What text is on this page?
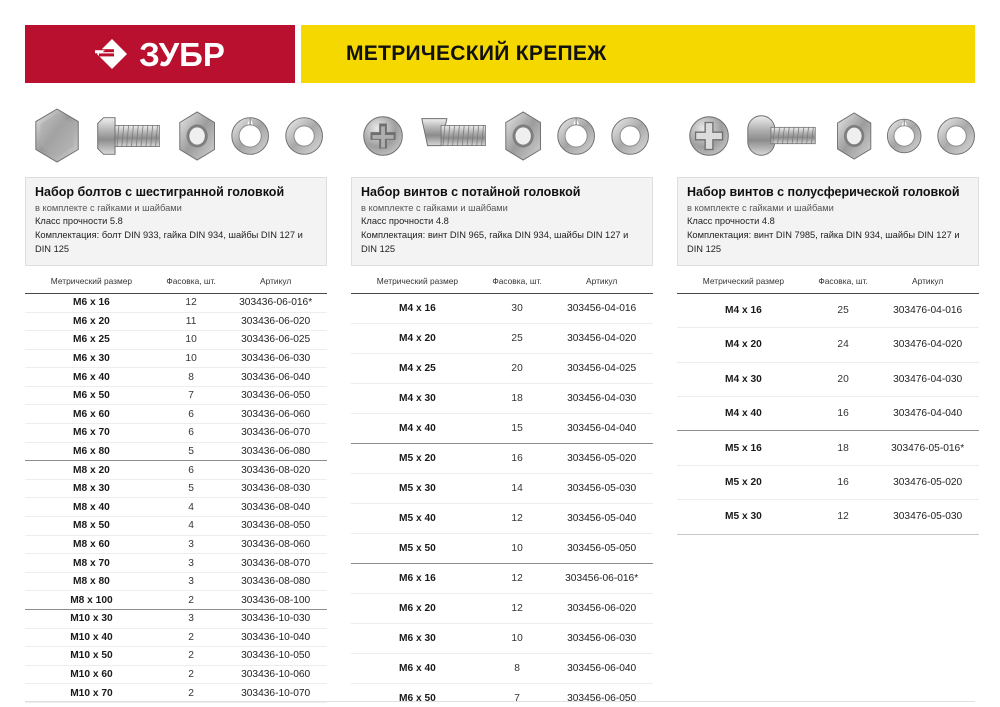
ЗУБР	МЕТРИЧЕСКИЙ КРЕПЕЖ
Набор болтов с шестигранной головкой
в комплекте с гайками и шайбами
Класс прочности 5.8
Комплектация: болт DIN 933, гайка DIN 934, шайбы DIN 127 и DIN 125
Метрический размер	Фасовка, шт.	Артикул
M6 x 16	12	303436-06-016*
M6 x 20	11	303436-06-020
M6 x 25	10	303436-06-025
M6 x 30	10	303436-06-030
M6 x 40	8	303436-06-040
M6 x 50	7	303436-06-050
M6 x 60	6	303436-06-060
M6 x 70	6	303436-06-070
M6 x 80	5	303436-06-080
M8 x 20	6	303436-08-020
M8 x 30	5	303436-08-030
M8 x 40	4	303436-08-040
M8 x 50	4	303436-08-050
M8 x 60	3	303436-08-060
M8 x 70	3	303436-08-070
M8 x 80	3	303436-08-080
M8 x 100	2	303436-08-100
M10 x 30	3	303436-10-030
M10 x 40	2	303436-10-040
M10 x 50	2	303436-10-050
M10 x 60	2	303436-10-060
M10 x 70	2	303436-10-070

Набор винтов с потайной головкой
в комплекте с гайками и шайбами
Класс прочности 4.8
Комплектация: винт DIN 965, гайка DIN 934, шайбы DIN 127 и DIN 125
Метрический размер	Фасовка, шт.	Артикул
M4 x 16	30	303456-04-016
M4 x 20	25	303456-04-020
M4 x 25	20	303456-04-025
M4 x 30	18	303456-04-030
M4 x 40	15	303456-04-040
M5 x 20	16	303456-05-020
M5 x 30	14	303456-05-030
M5 x 40	12	303456-05-040
M5 x 50	10	303456-05-050
M6 x 16	12	303456-06-016*
M6 x 20	12	303456-06-020
M6 x 30	10	303456-06-030
M6 x 40	8	303456-06-040
M6 x 50	7	303456-06-050
Набор винтов с полусферической головкой
в комплекте с гайками и шайбами
Класс прочности 4.8
Комплектация: винт DIN 7985, гайка DIN 934, шайбы DIN 127 и DIN 125
Метрический размер	Фасовка, шт.	Артикул
M4 x 16	25	303476-04-016
M4 x 20	24	303476-04-020
M4 x 30	20	303476-04-030
M4 x 40	16	303476-04-040
M5 x 16	18	303476-05-016*
M5 x 20	16	303476-05-020
M5 x 30	12	303476-05-030
